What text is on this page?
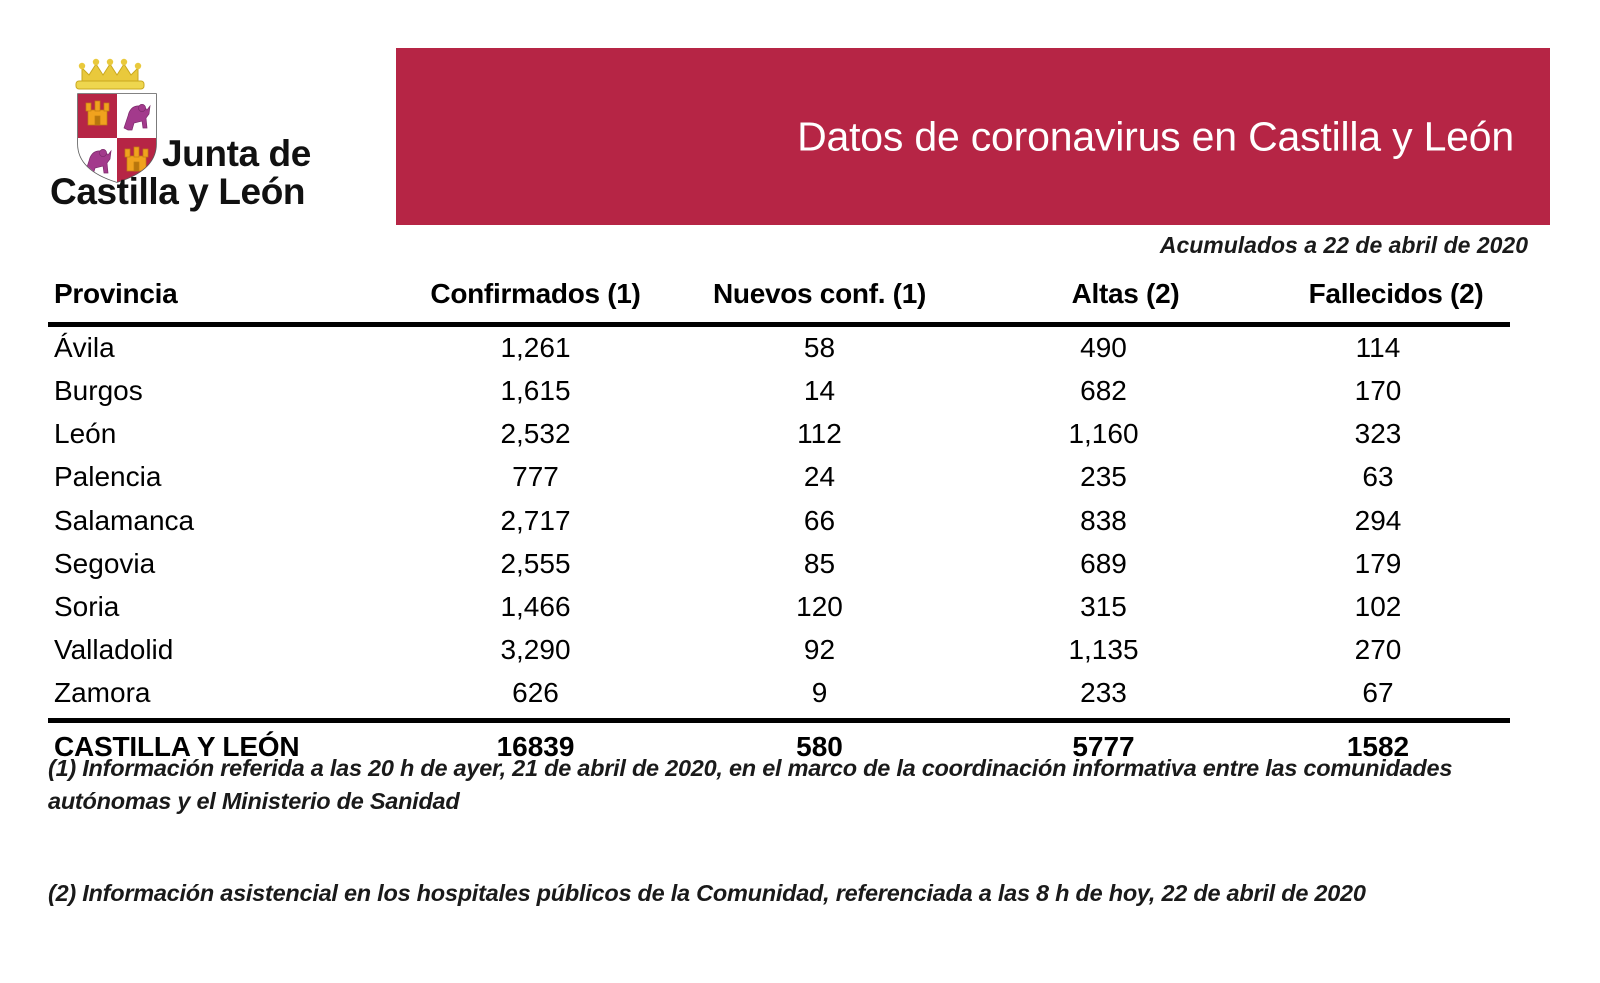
Junta de
Castilla y León
Datos de coronavirus en Castilla y León
Acumulados a 22 de abril de 2020
Provincia	Confirmados (1)	Nuevos conf. (1)	Altas (2)	Fallecidos (2)
Ávila	1,261	58	490	114
Burgos	1,615	14	682	170
León	2,532	112	1,160	323
Palencia	777	24	235	63
Salamanca	2,717	66	838	294
Segovia	2,555	85	689	179
Soria	1,466	120	315	102
Valladolid	3,290	92	1,135	270
Zamora	626	9	233	67
CASTILLA Y LEÓN	16839	580	5777	1582
(1) Información referida a las 20 h de ayer, 21 de abril de 2020, en el marco de la coordinación informativa entre las comunidades autónomas y el Ministerio de Sanidad
(2) Información asistencial en los hospitales públicos de la Comunidad, referenciada a las 8 h de hoy, 22 de abril de 2020
